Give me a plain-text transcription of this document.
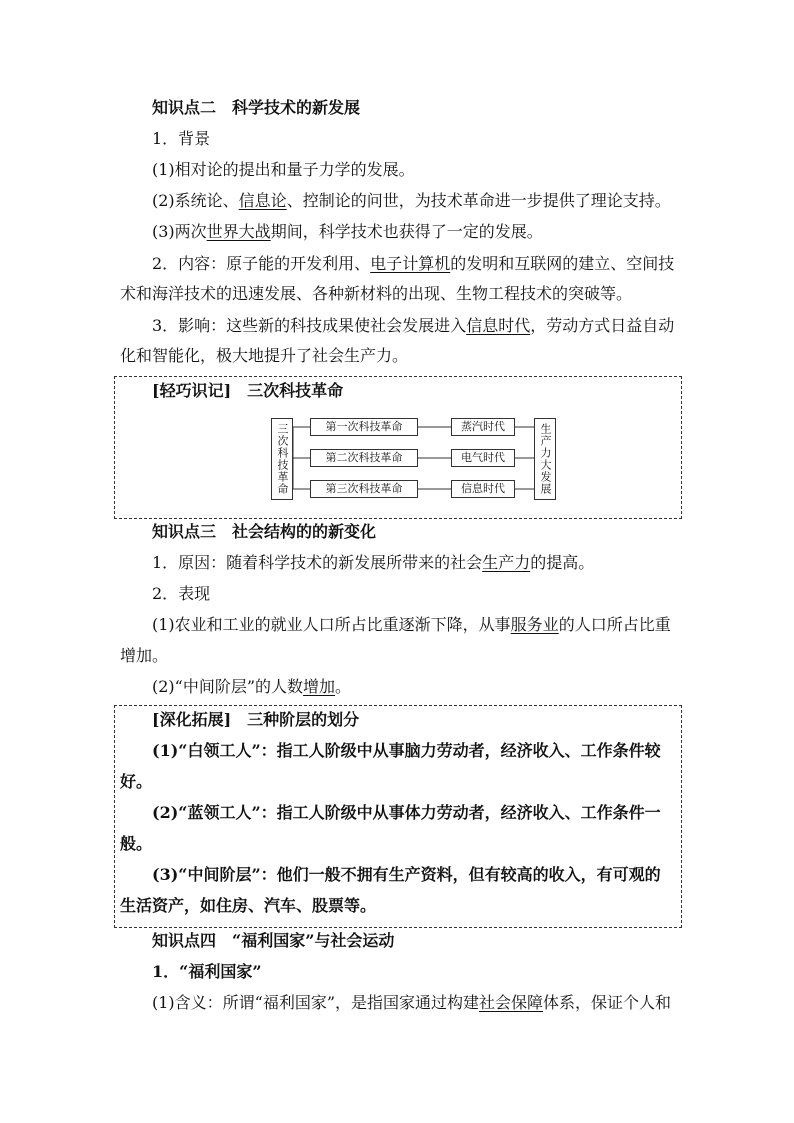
知识点二　科学技术的新发展
1．背景
(1)相对论的提出和量子力学的发展。
(2)系统论、信息论、控制论的问世，为技术革命进一步提供了理论支持。
(3)两次世界大战期间，科学技术也获得了一定的发展。
2．内容：原子能的开发利用、电子计算机的发明和互联网的建立、空间技
术和海洋技术的迅速发展、各种新材料的出现、生物工程技术的突破等。
3．影响：这些新的科技成果使社会发展进入信息时代，劳动方式日益自动
化和智能化，极大地提升了社会生产力。
[轻巧识记]　三次科技革命
三次科技革命	第一次科技革命
第二次科技革命
第三次科技革命
蒸汽时代
电气时代
信息时代	生产力大发展
知识点三　社会结构的的新变化
1．原因：随着科学技术的新发展所带来的社会生产力的提高。
2．表现
(1)农业和工业的就业人口所占比重逐渐下降，从事服务业的人口所占比重
增加。
(2)“中间阶层”的人数增加。
[深化拓展]　三种阶层的划分
(1)“白领工人”：指工人阶级中从事脑力劳动者，经济收入、工作条件较
好。
(2)“蓝领工人”：指工人阶级中从事体力劳动者，经济收入、工作条件一
般。
(3)“中间阶层”：他们一般不拥有生产资料，但有较高的收入，有可观的
生活资产，如住房、汽车、股票等。
知识点四　“福利国家”与社会运动
1．“福利国家”
(1)含义：所谓“福利国家”，是指国家通过构建社会保障体系，保证个人和
